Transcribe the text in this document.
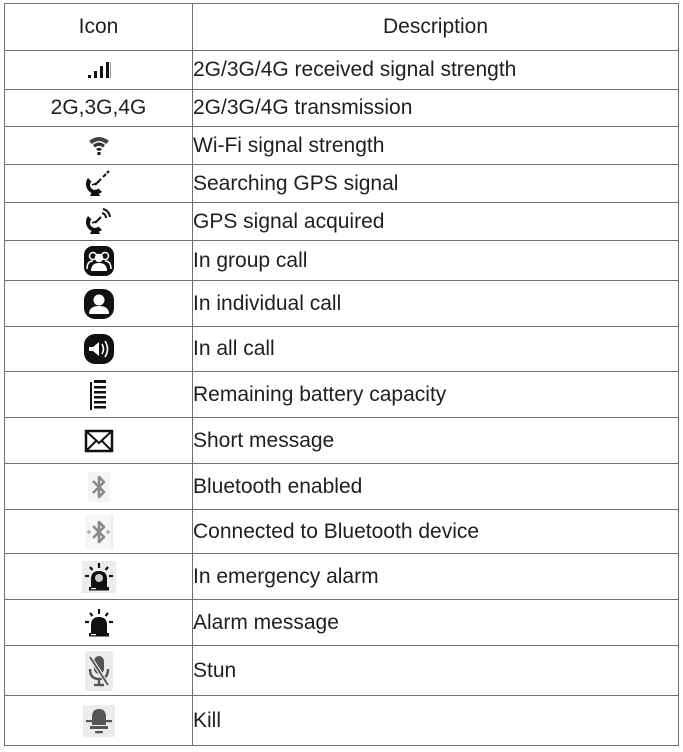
Icon	Description

	2G/3G/4G received signal strength
2G,3G,4G	2G/3G/4G transmission

	Wi-Fi signal strength

	Searching GPS signal

	GPS signal acquired

	In group call

	In individual call

	In all call

	Remaining battery capacity

	Short message

	Bluetooth enabled

	Connected to Bluetooth device

	In emergency alarm

	Alarm message

	Stun

	Kill
